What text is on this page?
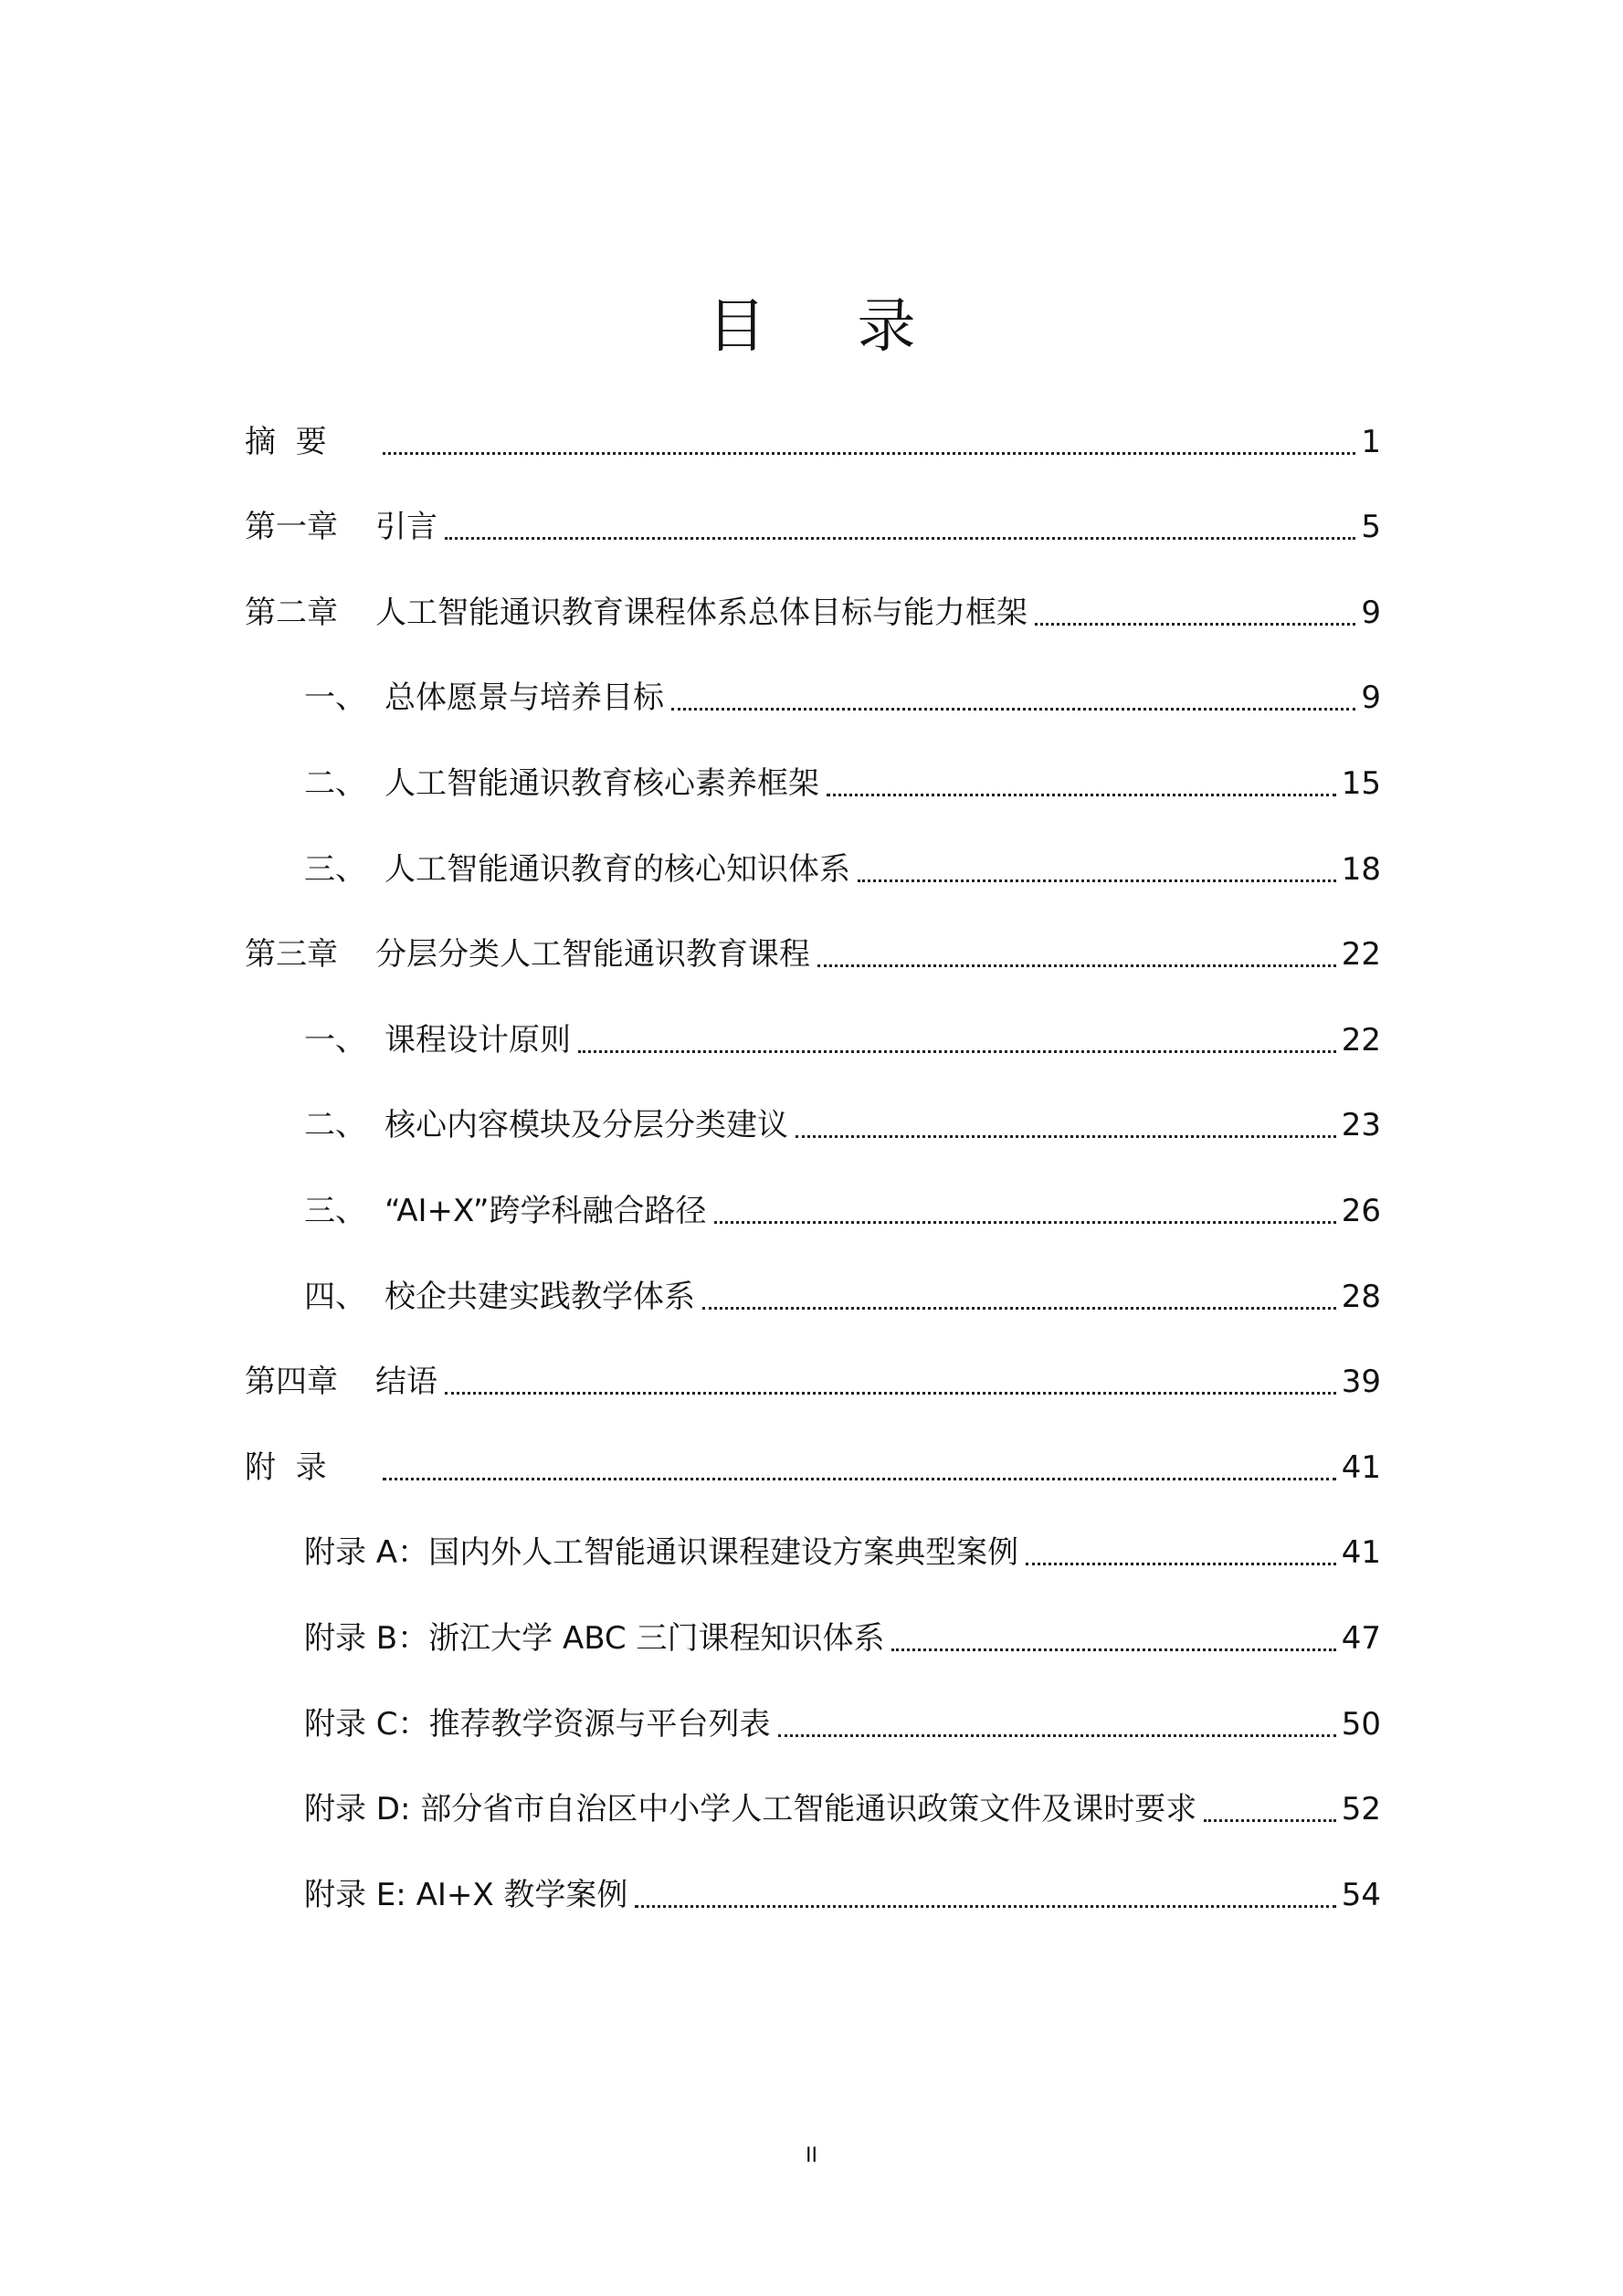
目录
摘  要	1
第一章	引言	5
第二章	人工智能通识教育课程体系总体目标与能力框架	9
一、 总体愿景与培养目标	9
二、 人工智能通识教育核心素养框架	15
三、 人工智能通识教育的核心知识体系	18
第三章	分层分类人工智能通识教育课程	22
一、 课程设计原则	22
二、 核心内容模块及分层分类建议	23
三、 “AI+X”跨学科融合路径	26
四、 校企共建实践教学体系	28
第四章	结语	39
附  录	41
附录 A： 国内外人工智能通识课程建设方案典型案例	41
附录 B： 浙江大学 ABC 三门课程知识体系	47
附录 C： 推荐教学资源与平台列表	50
附录 D: 部分省市自治区中小学人工智能通识政策文件及课时要求	52
附录 E: AI+X 教学案例	54
II
